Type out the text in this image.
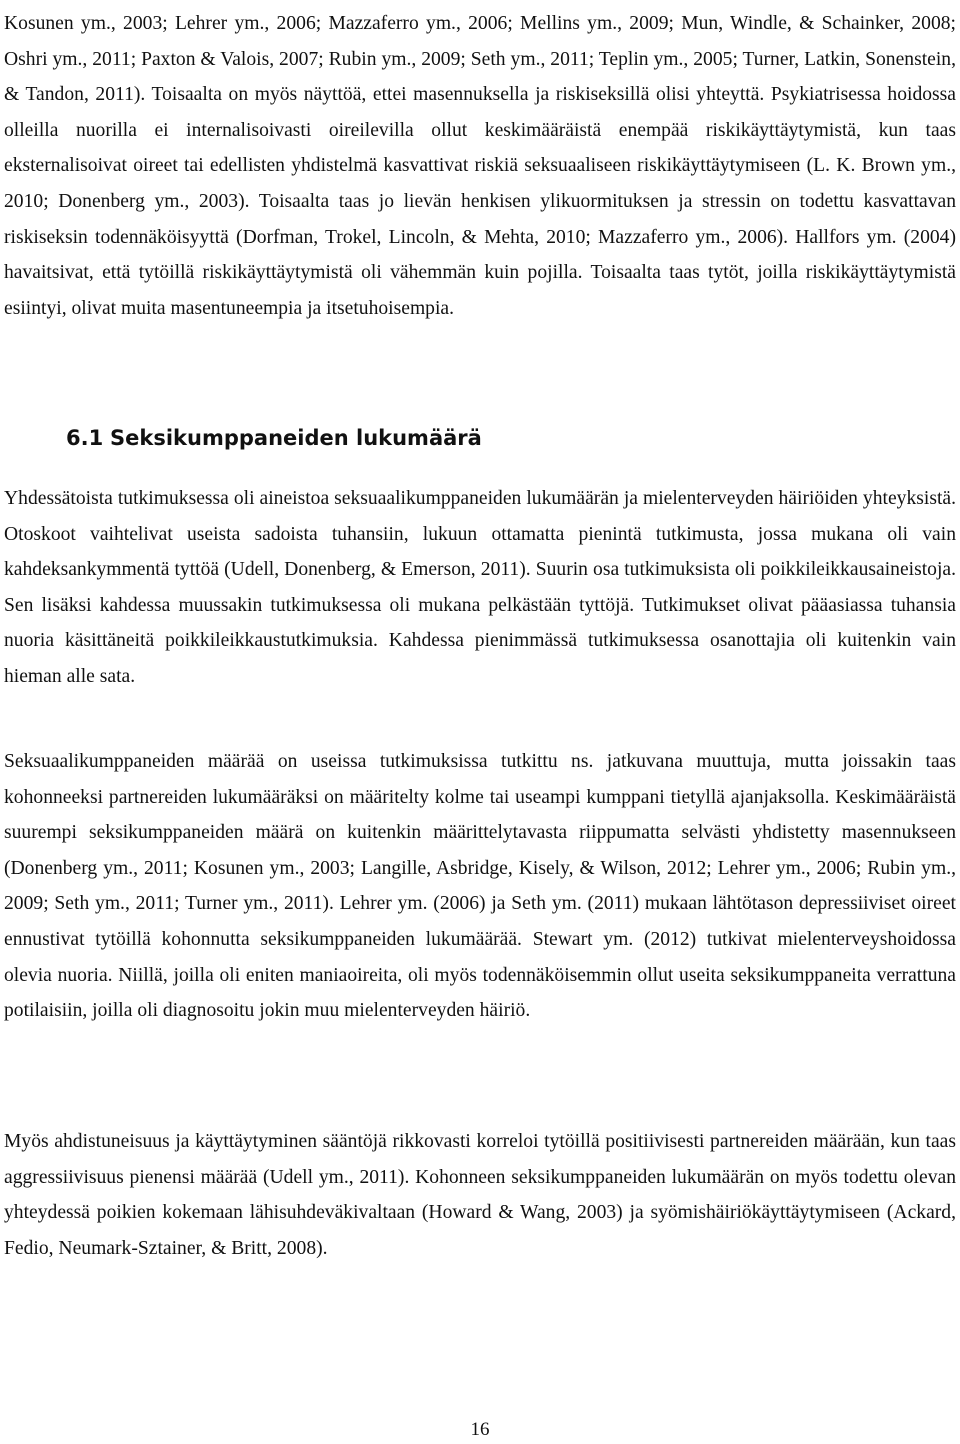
Kosunen ym., 2003; Lehrer ym., 2006; Mazzaferro ym., 2006; Mellins ym., 2009; Mun, Windle, & Schainker, 2008; Oshri ym., 2011; Paxton & Valois, 2007; Rubin ym., 2009; Seth ym., 2011; Teplin ym., 2005; Turner, Latkin, Sonenstein, & Tandon, 2011). Toisaalta on myös näyttöä, ettei masennuksella ja riskiseksillä olisi yhteyttä. Psykiatrisessa hoidossa olleilla nuorilla ei internalisoivasti oireilevilla ollut keskimääräistä enempää riskikäyttäytymistä, kun taas eksternalisoivat oireet tai edellisten yhdistelmä kasvattivat riskiä seksuaaliseen riskikäyttäytymiseen (L. K. Brown ym., 2010; Donenberg ym., 2003). Toisaalta taas jo lievän henkisen ylikuormituksen ja stressin on todettu kasvattavan riskiseksin todennäköisyyttä (Dorfman, Trokel, Lincoln, & Mehta, 2010; Mazzaferro ym., 2006). Hallfors ym. (2004) havaitsivat, että tytöillä riskikäyttäytymistä oli vähemmän kuin pojilla. Toisaalta taas tytöt, joilla riskikäyttäytymistä esiintyi, olivat muita masentuneempia ja itsetuhoisempia.

6.1 Seksikumppaneiden lukumäärä

Yhdessätoista tutkimuksessa oli aineistoa seksuaalikumppaneiden lukumäärän ja mielenterveyden häiriöiden yhteyksistä. Otoskoot vaihtelivat useista sadoista tuhansiin, lukuun ottamatta pienintä tutkimusta, jossa mukana oli vain kahdeksankymmentä tyttöä (Udell, Donenberg, & Emerson, 2011). Suurin osa tutkimuksista oli poikkileikkausaineistoja. Sen lisäksi kahdessa muussakin tutkimuksessa oli mukana pelkästään tyttöjä. Tutkimukset olivat pääasiassa tuhansia nuoria käsittäneitä poikkileikkaustutkimuksia. Kahdessa pienimmässä tutkimuksessa osanottajia oli kuitenkin vain hieman alle sata.

Seksuaalikumppaneiden määrää on useissa tutkimuksissa tutkittu ns. jatkuvana muuttuja, mutta joissakin taas kohonneeksi partnereiden lukumääräksi on määritelty kolme tai useampi kumppani tietyllä ajanjaksolla. Keskimääräistä suurempi seksikumppaneiden määrä on kuitenkin määrittelytavasta riippumatta selvästi yhdistetty masennukseen (Donenberg ym., 2011; Kosunen ym., 2003; Langille, Asbridge, Kisely, & Wilson, 2012; Lehrer ym., 2006; Rubin ym., 2009; Seth ym., 2011; Turner ym., 2011). Lehrer ym. (2006) ja Seth ym. (2011) mukaan lähtötason depressiiviset oireet ennustivat tytöillä kohonnutta seksikumppaneiden lukumäärää. Stewart ym. (2012) tutkivat mielenterveyshoidossa olevia nuoria. Niillä, joilla oli eniten maniaoireita, oli myös todennäköisemmin ollut useita seksikumppaneita verrattuna potilaisiin, joilla oli diagnosoitu jokin muu mielenterveyden häiriö.

Myös ahdistuneisuus ja käyttäytyminen sääntöjä rikkovasti korreloi tytöillä positiivisesti partnereiden määrään, kun taas aggressiivisuus pienensi määrää (Udell ym., 2011). Kohonneen seksikumppaneiden lukumäärän on myös todettu olevan yhteydessä poikien kokemaan lähisuhdeväkivaltaan (Howard & Wang, 2003) ja syömishäiriökäyttäytymiseen (Ackard, Fedio, Neumark-Sztainer, & Britt, 2008).

16
